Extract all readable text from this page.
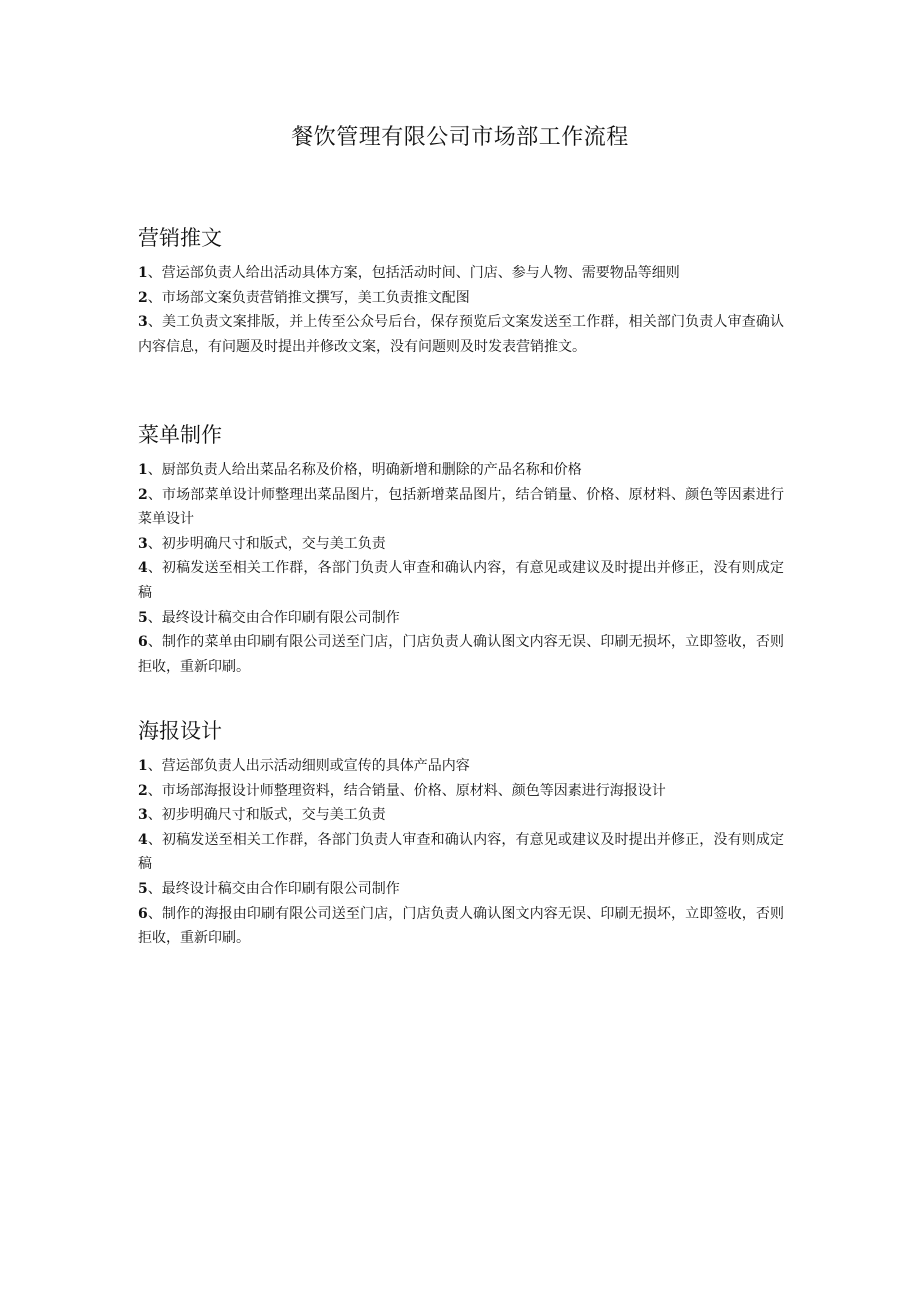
餐饮管理有限公司市场部工作流程
营销推文

1、营运部负责人给出活动具体方案，包括活动时间、门店、参与人物、需要物品等细则

2、市场部文案负责营销推文撰写，美工负责推文配图

3、美工负责文案排版，并上传至公众号后台，保存预览后文案发送至工作群，相关部门负责人审查确认内容信息，有问题及时提出并修改文案，没有问题则及时发表营销推文。

菜单制作

1、厨部负责人给出菜品名称及价格，明确新增和删除的产品名称和价格

2、市场部菜单设计师整理出菜品图片，包括新增菜品图片，结合销量、价格、原材料、颜色等因素进行菜单设计

3、初步明确尺寸和版式，交与美工负责

4、初稿发送至相关工作群，各部门负责人审查和确认内容，有意见或建议及时提出并修正，没有则成定稿

5、最终设计稿交由合作印刷有限公司制作

6、制作的菜单由印刷有限公司送至门店，门店负责人确认图文内容无误、印刷无损坏，立即签收，否则拒收，重新印刷。

海报设计

1、营运部负责人出示活动细则或宣传的具体产品内容

2、市场部海报设计师整理资料，结合销量、价格、原材料、颜色等因素进行海报设计

3、初步明确尺寸和版式，交与美工负责

4、初稿发送至相关工作群，各部门负责人审查和确认内容，有意见或建议及时提出并修正，没有则成定稿

5、最终设计稿交由合作印刷有限公司制作

6、制作的海报由印刷有限公司送至门店，门店负责人确认图文内容无误、印刷无损坏，立即签收，否则拒收，重新印刷。
